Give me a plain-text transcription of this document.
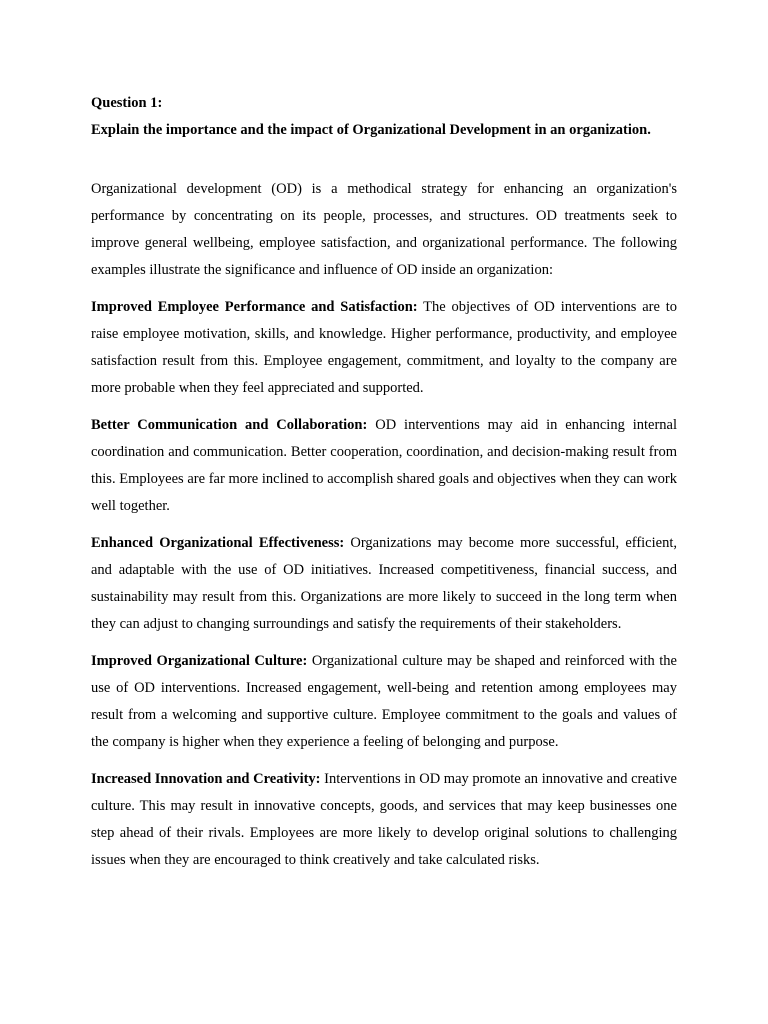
Question 1:

Explain the importance and the impact of Organizational Development in an organization.

Organizational development (OD) is a methodical strategy for enhancing an organization's performance by concentrating on its people, processes, and structures. OD treatments seek to improve general wellbeing, employee satisfaction, and organizational performance. The following examples illustrate the significance and influence of OD inside an organization:

Improved Employee Performance and Satisfaction: The objectives of OD interventions are to raise employee motivation, skills, and knowledge. Higher performance, productivity, and employee satisfaction result from this. Employee engagement, commitment, and loyalty to the company are more probable when they feel appreciated and supported.

Better Communication and Collaboration: OD interventions may aid in enhancing internal coordination and communication. Better cooperation, coordination, and decision-making result from this. Employees are far more inclined to accomplish shared goals and objectives when they can work well together.

Enhanced Organizational Effectiveness: Organizations may become more successful, efficient, and adaptable with the use of OD initiatives. Increased competitiveness, financial success, and sustainability may result from this. Organizations are more likely to succeed in the long term when they can adjust to changing surroundings and satisfy the requirements of their stakeholders.

Improved Organizational Culture: Organizational culture may be shaped and reinforced with the use of OD interventions. Increased engagement, well-being and retention among employees may result from a welcoming and supportive culture. Employee commitment to the goals and values of the company is higher when they experience a feeling of belonging and purpose.

Increased Innovation and Creativity: Interventions in OD may promote an innovative and creative culture. This may result in innovative concepts, goods, and services that may keep businesses one step ahead of their rivals. Employees are more likely to develop original solutions to challenging issues when they are encouraged to think creatively and take calculated risks.
